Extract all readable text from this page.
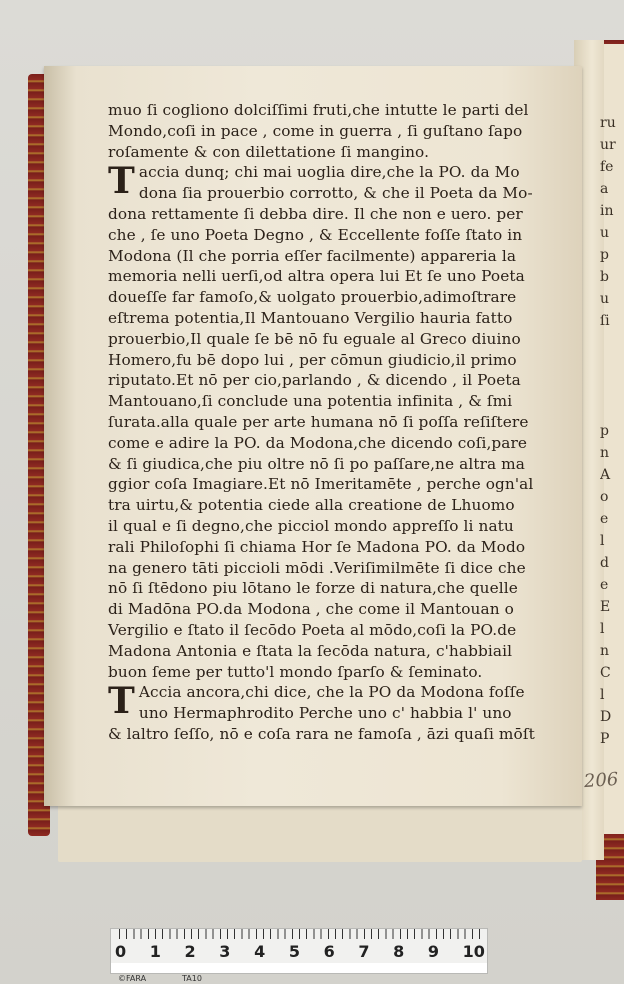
muo ſi cogliono dolciſſimi fruti,che intutte le parti del
Mondo,coſi in pace , come in guerra , ſi guſtano ſapo
roſamente & con dilettatione ſi mangino.
T accia dunq; chi mai uoglia dire,che la PO. da Mo
dona ſia prouerbio corrotto, & che il Poeta da Mo-
dona rettamente ſi debba dire. Il che non e uero. per
che , ſe uno Poeta Degno , & Eccellente foſſe ſtato in
Modona (Il che porria eſſer facilmente) appareria la
memoria nelli uerſi,od altra opera lui Et ſe uno Poeta
doueſſe far famoſo,& uolgato prouerbio,adimoſtrare
eſtrema potentia,Il Mantouano Vergilio hauria fatto
prouerbio,Il quale ſe bē nō fu eguale al Greco diuino
Homero,fu bē dopo lui , per cōmun giudicio,il primo
riputato.Et nō per cio,parlando , & dicendo , il Poeta
Mantouano,ſi conclude una potentia infinita , & ſmi
ſurata.alla quale per arte humana nō ſi poſſa reſiſtere
come e adire la PO. da Modona,che dicendo coſi,pare
& ſi giudica,che piu oltre nō ſi po paſſare,ne altra ma
ggior coſa Imagiare.Et nō Imeritamēte , perche ogn'al
tra uirtu,& potentia ciede alla creatione de Lhuomo
il qual e ſi degno,che picciol mondo appreſſo li natu
rali Philoſophi ſi chiama Hor ſe Madona PO. da Modo
na genero tāti piccioli mōdi .Veriſimilmēte ſi dice che
nō ſi ſtēdono piu lōtano le forze di natura,che quelle
di Madōna PO.da Modona , che come il Mantouan o
Vergilio e ſtato il ſecōdo Poeta al mōdo,coſi la PO.de
Madona Antonia e ſtata la ſecōda natura, c'habbiail
buon ſeme per tutto'l mondo ſparſo & ſeminato.
T Accia ancora,chi dice, che la PO da Modona foſſe
uno Hermaphrodito Perche uno c' habbia l' uno
& laltro ſeſſo, nō e coſa rara ne famoſa , āzi quaſi mōſt
ru
ur
fe
a
in
u
p
b
u
ſi
p
n
A
o
e
l
d
e
E
l
n
C
l
D
P
206
0 1 2 3 4 5 6 7 8 9 10
©FARA	TA10
